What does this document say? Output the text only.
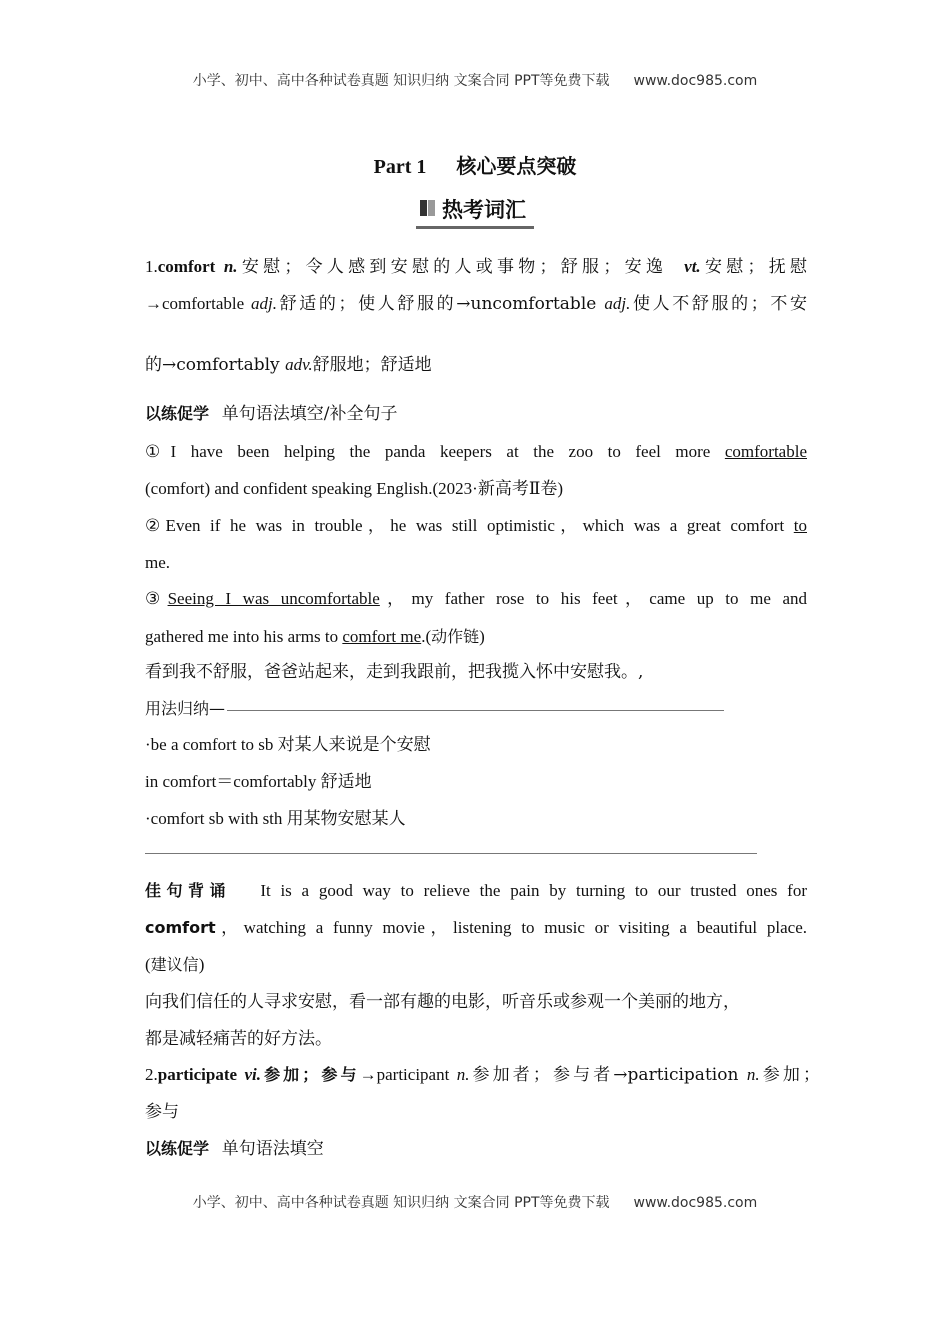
小学、初中、高中各种试卷真题 知识归纳 文案合同 PPT等免费下载 www.doc985.com
Part 1 核心要点突破
热考词汇
1.comfort n.安慰；令人感到安慰的人或事物；舒服；安逸 vt.安慰；抚慰
→comfortable adj.舒适的；使人舒服的→uncomfortable adj.使人不舒服的；不安
的→comfortably adv.舒服地；舒适地
以练促学 单句语法填空/补全句子
①I have been helping the panda keepers at the zoo to feel more comfortable
(comfort) and confident speaking English.(2023·新高考Ⅱ卷)
②Even if he was in trouble，he was still optimistic，which was a great comfort to
me.
③Seeing I was uncomfortable，my father rose to his feet，came up to me and
gathered me into his arms to comfort me.(动作链)
看到我不舒服，爸爸站起来，走到我跟前，把我揽入怀中安慰我。,
用法归纳—
·be a comfort to sb 对某人来说是个安慰
in comfort＝comfortably 舒适地
·comfort sb with sth 用某物安慰某人
佳句背诵 It is a good way to relieve the pain by turning to our trusted ones for
comfort，watching a funny movie，listening to music or visiting a beautiful place.
(建议信)
向我们信任的人寻求安慰，看一部有趣的电影，听音乐或参观一个美丽的地方，
都是减轻痛苦的好方法。
2.participate vi.参加；参与→participant n.参加者；参与者→participation n.参加；
参与
以练促学 单句语法填空
小学、初中、高中各种试卷真题 知识归纳 文案合同 PPT等免费下载 www.doc985.com
